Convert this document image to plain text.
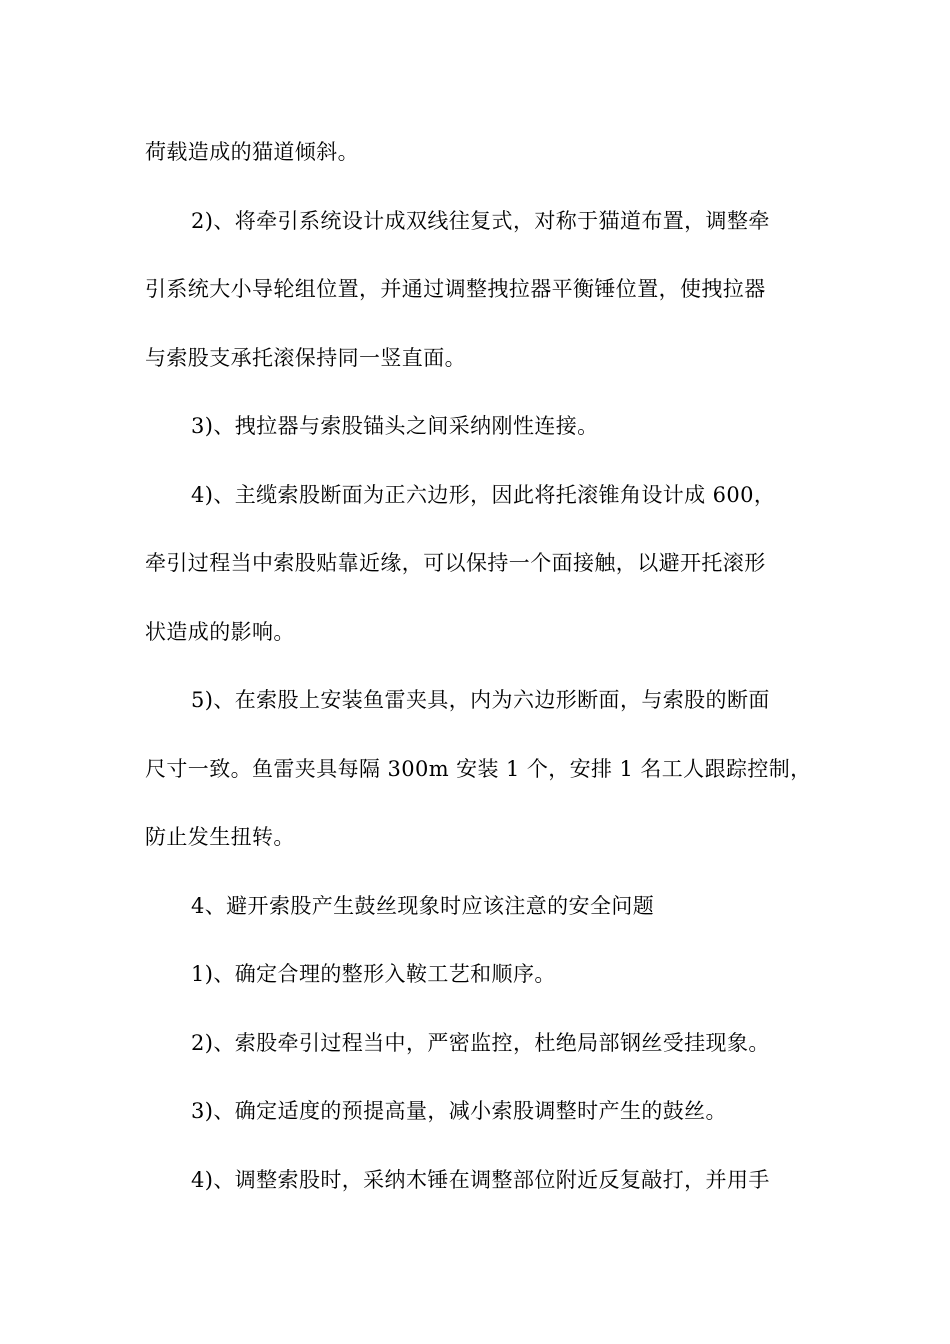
荷载造成的猫道倾斜。

2)、将牵引系统设计成双线往复式，对称于猫道布置，调整牵

引系统大小导轮组位置，并通过调整拽拉器平衡锤位置，使拽拉器

与索股支承托滚保持同一竖直面。

3)、拽拉器与索股锚头之间采纳刚性连接。

4)、主缆索股断面为正六边形，因此将托滚锥角设计成 600，

牵引过程当中索股贴靠近缘，可以保持一个面接触，以避开托滚形

状造成的影响。

5)、在索股上安装鱼雷夹具，内为六边形断面，与索股的断面

尺寸一致。鱼雷夹具每隔 300m 安装 1 个，安排 1 名工人跟踪控制，

防止发生扭转。

4、避开索股产生鼓丝现象时应该注意的安全问题

1)、确定合理的整形入鞍工艺和顺序。

2)、索股牵引过程当中，严密监控，杜绝局部钢丝受挂现象。

3)、确定适度的预提高量，减小索股调整时产生的鼓丝。

4)、调整索股时，采纳木锤在调整部位附近反复敲打，并用手
